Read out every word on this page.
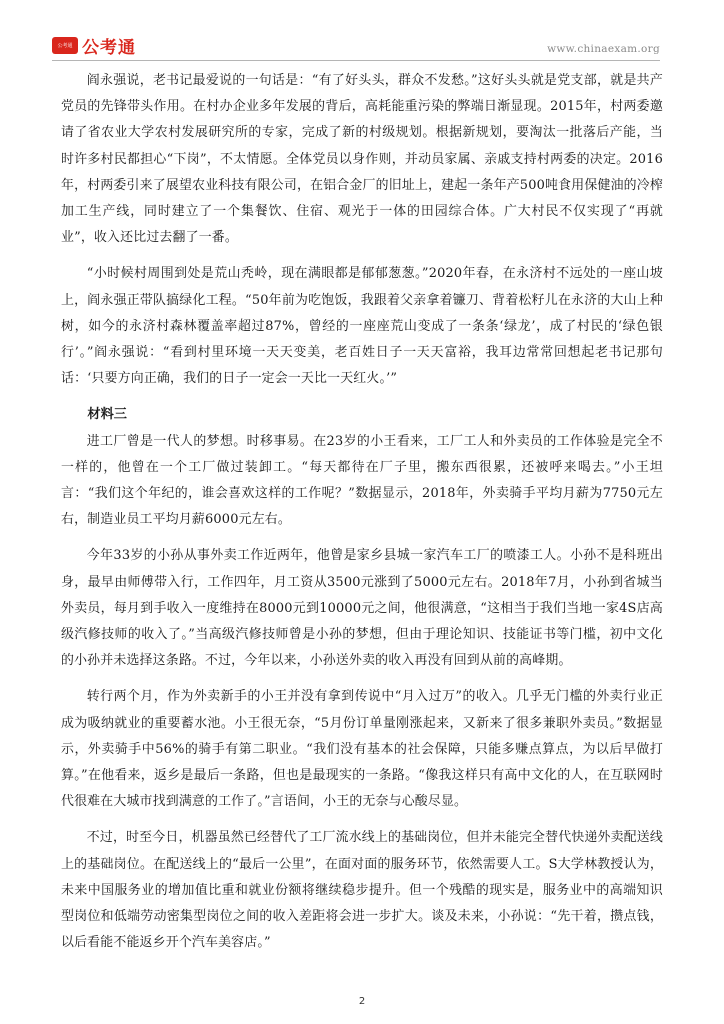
公考通 公考通	www.chinaexam.org

阎永强说，老书记最爱说的一句话是：“有了好头头，群众不发愁。”这好头头就是党支部，就是共产党员的先锋带头作用。在村办企业多年发展的背后，高耗能重污染的弊端日渐显现。2015年，村两委邀请了省农业大学农村发展研究所的专家，完成了新的村级规划。根据新规划，要淘汰一批落后产能，当时许多村民都担心“下岗”，不太情愿。全体党员以身作则，并动员家属、亲戚支持村两委的决定。2016年，村两委引来了展望农业科技有限公司，在铝合金厂的旧址上，建起一条年产500吨食用保健油的冷榨加工生产线，同时建立了一个集餐饮、住宿、观光于一体的田园综合体。广大村民不仅实现了“再就业”，收入还比过去翻了一番。

“小时候村周围到处是荒山秃岭，现在满眼都是郁郁葱葱。”2020年春，在永济村不远处的一座山坡上，阎永强正带队搞绿化工程。“50年前为吃饱饭，我跟着父亲拿着镰刀、背着松籽儿在永济的大山上种树，如今的永济村森林覆盖率超过87%，曾经的一座座荒山变成了一条条‘绿龙’，成了村民的‘绿色银行’。”阎永强说：“看到村里环境一天天变美，老百姓日子一天天富裕，我耳边常常回想起老书记那句话：‘只要方向正确，我们的日子一定会一天比一天红火。’”

材料三

进工厂曾是一代人的梦想。时移事易。在23岁的小王看来，工厂工人和外卖员的工作体验是完全不一样的，他曾在一个工厂做过装卸工。“每天都待在厂子里，搬东西很累，还被呼来喝去。”小王坦言：“我们这个年纪的，谁会喜欢这样的工作呢？”数据显示，2018年，外卖骑手平均月薪为7750元左右，制造业员工平均月薪6000元左右。

今年33岁的小孙从事外卖工作近两年，他曾是家乡县城一家汽车工厂的喷漆工人。小孙不是科班出身，最早由师傅带入行，工作四年，月工资从3500元涨到了5000元左右。2018年7月，小孙到省城当外卖员，每月到手收入一度维持在8000元到10000元之间，他很满意，“这相当于我们当地一家4S店高级汽修技师的收入了。”当高级汽修技师曾是小孙的梦想，但由于理论知识、技能证书等门槛，初中文化的小孙并未选择这条路。不过，今年以来，小孙送外卖的收入再没有回到从前的高峰期。

转行两个月，作为外卖新手的小王并没有拿到传说中“月入过万”的收入。几乎无门槛的外卖行业正成为吸纳就业的重要蓄水池。小王很无奈，“5月份订单量刚涨起来，又新来了很多兼职外卖员。”数据显示，外卖骑手中56%的骑手有第二职业。“我们没有基本的社会保障，只能多赚点算点，为以后早做打算。”在他看来，返乡是最后一条路，但也是最现实的一条路。“像我这样只有高中文化的人，在互联网时代很难在大城市找到满意的工作了。”言语间，小王的无奈与心酸尽显。

不过，时至今日，机器虽然已经替代了工厂流水线上的基础岗位，但并未能完全替代快递外卖配送线上的基础岗位。在配送线上的“最后一公里”，在面对面的服务环节，依然需要人工。S大学林教授认为，未来中国服务业的增加值比重和就业份额将继续稳步提升。但一个残酷的现实是，服务业中的高端知识型岗位和低端劳动密集型岗位之间的收入差距将会进一步扩大。谈及未来，小孙说：“先干着，攒点钱，以后看能不能返乡开个汽车美容店。”

2
